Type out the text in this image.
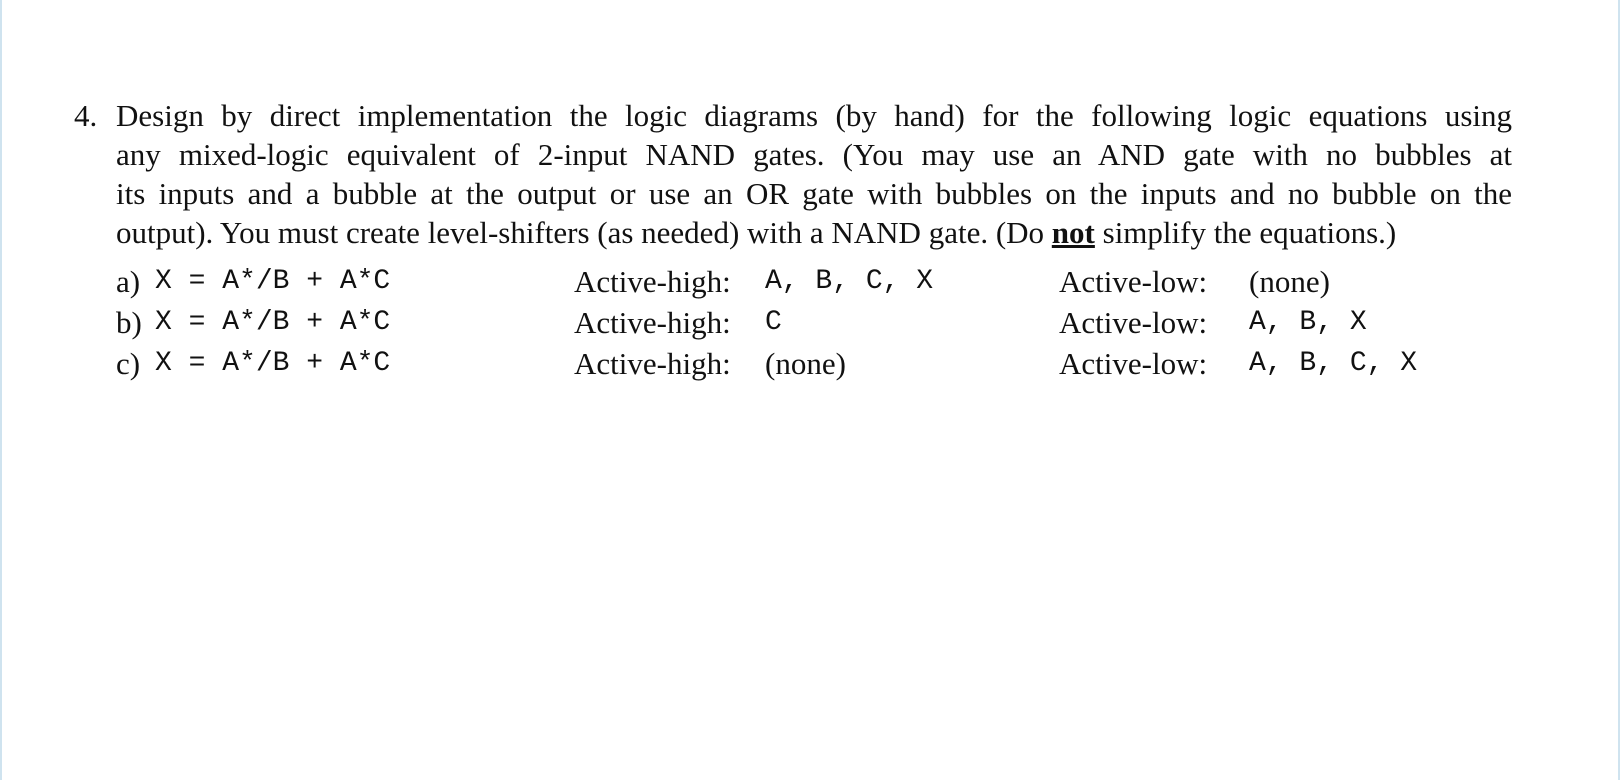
4. Design by direct implementation the logic diagrams (by hand) for the following logic equations using
any mixed-logic equivalent of 2-input NAND gates. (You may use an AND gate with no bubbles at
its inputs and a bubble at the output or use an OR gate with bubbles on the inputs and no bubble on the
output). You must create level-shifters (as needed) with a NAND gate. (Do not simplify the equations.)
a) X = A*/B + A*C	Active-high: A, B, C, X	Active-low: (none)
b) X = A*/B + A*C	Active-high: C	Active-low: A, B, X
c) X = A*/B + A*C	Active-high: (none)	Active-low: A, B, C, X
